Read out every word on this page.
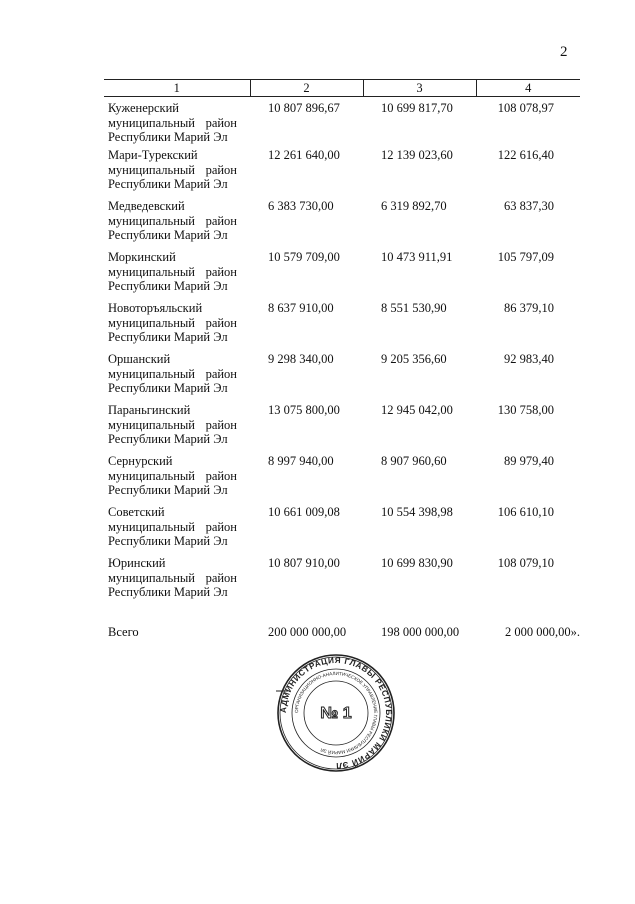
2
1	2	3	4

Куженерский
муниципальный район
Республики Марий Эл	10 807 896,67	10 699 817,70	108 078,97

Мари-Турекский
муниципальный район
Республики Марий Эл	12 261 640,00	12 139 023,60	122 616,40

Медведевский
муниципальный район
Республики Марий Эл	6 383 730,00	6 319 892,70	63 837,30

Моркинский
муниципальный район
Республики Марий Эл	10 579 709,00	10 473 911,91	105 797,09

Новоторъяльский
муниципальный район
Республики Марий Эл	8 637 910,00	8 551 530,90	86 379,10

Оршанский
муниципальный район
Республики Марий Эл	9 298 340,00	9 205 356,60	92 983,40

Параньгинский
муниципальный район
Республики Марий Эл	13 075 800,00	12 945 042,00	130 758,00

Сернурский
муниципальный район
Республики Марий Эл	8 997 940,00	8 907 960,60	89 979,40

Советский
муниципальный район
Республики Марий Эл	10 661 009,08	10 554 398,98	106 610,10

Юринский
муниципальный район
Республики Марий Эл	10 807 910,00	10 699 830,90	108 079,10
Всего	200 000 000,00	198 000 000,00	2 000 000,00».
АДМИНИСТРАЦИЯ ГЛАВЫ РЕСПУБЛИКИ МАРИЙ ЭЛ
ОРГАНИЗАЦИОННО-АНАЛИТИЧЕСКОЕ УПРАВЛЕНИЕ ГЛАВЫ РЕСПУБЛИКИ МАРИЙ ЭЛ
№ 1
